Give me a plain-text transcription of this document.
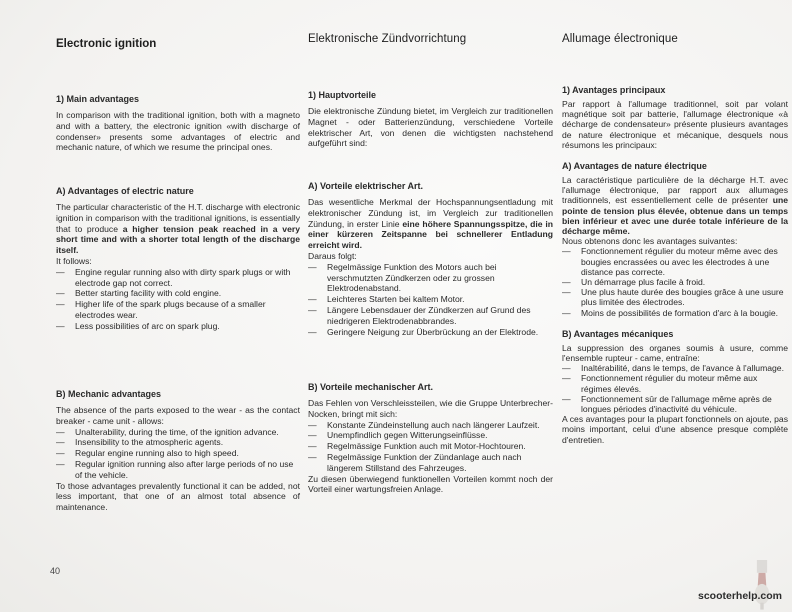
Electronic ignition
1) Main advantages

In comparison with the traditional ignition, both with a magneto and with a battery, the electronic ignition «with discharge of condenser» presents some advantages of electric and mechanic nature, of which we resume the principal ones.

A) Advantages of electric nature

The particular characteristic of the H.T. discharge with electronic ignition in comparison with the traditional ignitions, is essentially that to produce a higher tension peak reached in a very short time and with a shorter total length of the discharge itself.

It follows:

— Engine regular running also with dirty spark plugs or with electrode gap not correct.
— Better starting facility with cold engine.
— Higher life of the spark plugs because of a smaller electrodes wear.
— Less possibilities of arc on spark plug.
B) Mechanic advantages

The absence of the parts exposed to the wear - as the contact breaker - came unit - allows:

— Unalterability, during the time, of the ignition advance.
— Insensibility to the atmospheric agents.
— Regular engine running also to high speed.
— Regular ignition running also after large periods of no use of the vehicle.

To those advantages prevalently functional it can be added, not less important, that one of an almost total absence of maintenance.

Elektronische Zündvorrichtung
1) Hauptvorteile

Die elektronische Zündung bietet, im Vergleich zur traditionellen Magnet - oder Batterienzündung, verschiedene Vorteile elektrischer Art, von denen die wichtigsten nachstehend aufgeführt sind:

A) Vorteile elektrischer Art.

Das wesentliche Merkmal der Hochspannungsentladung mit elektronischer Zündung ist, im Vergleich zur traditionellen Zündung, in erster Linie eine höhere Spannungsspitze, die in einer kürzeren Zeitspanne bei schnellerer Entladung erreicht wird.

Daraus folgt:

— Regelmässige Funktion des Motors auch bei verschmutzten Zündkerzen oder zu grossen Elektrodenabstand.
— Leichteres Starten bei kaltem Motor.
— Längere Lebensdauer der Zündkerzen auf Grund des niedrigeren Elektrodenabbrandes.
— Geringere Neigung zur Überbrückung an der Elektrode.
B) Vorteile mechanischer Art.

Das Fehlen von Verschleissteilen, wie die Gruppe Unterbrecher-Nocken, bringt mit sich:

— Konstante Zündeinstellung auch nach längerer Laufzeit.
— Unempfindlich gegen Witterungseinflüsse.
— Regelmässige Funktion auch mit Motor-Hochtouren.
— Regelmässige Funktion der Zündanlage auch nach längerem Stillstand des Fahrzeuges.

Zu diesen überwiegend funktionellen Vorteilen kommt noch der Vorteil einer wartungsfreien Anlage.

Allumage électronique
1) Avantages principaux

Par rapport à l'allumage traditionnel, soit par volant magnétique soit par batterie, l'allumage électronique «à décharge de condensateur» présente plusieurs avantages de nature électronique et mécanique, desquels nous résumons les principaux:

A) Avantages de nature électrique

La caractéristique particulière de la décharge H.T. avec l'allumage électronique, par rapport aux allumages traditionnels, est essentiellement celle de présenter une pointe de tension plus élevée, obtenue dans un temps bien inférieur et avec une durée totale inférieure de la décharge même.

Nous obtenons donc les avantages suivantes:

— Fonctionnement régulier du moteur même avec des bougies encrassées ou avec les électrodes à une distance pas correcte.
— Un démarrage plus facile à froid.
— Une plus haute durée des bougies grâce à une usure plus limitée des électrodes.
— Moins de possibilités de formation d'arc à la bougie.
B) Avantages mécaniques

La suppression des organes soumis à usure, comme l'ensemble rupteur - came, entraîne:

— Inaltérabilité, dans le temps, de l'avance à l'allumage.
— Fonctionnement régulier du moteur même aux régimes élevés.
— Fonctionnement sûr de l'allumage même après de longues périodes d'inactivité du véhicule.

A ces avantages pour la plupart fonctionnels on ajoute, pas moins important, celui d'une absence presque complète d'entretien.

scooterhelp.com
40
